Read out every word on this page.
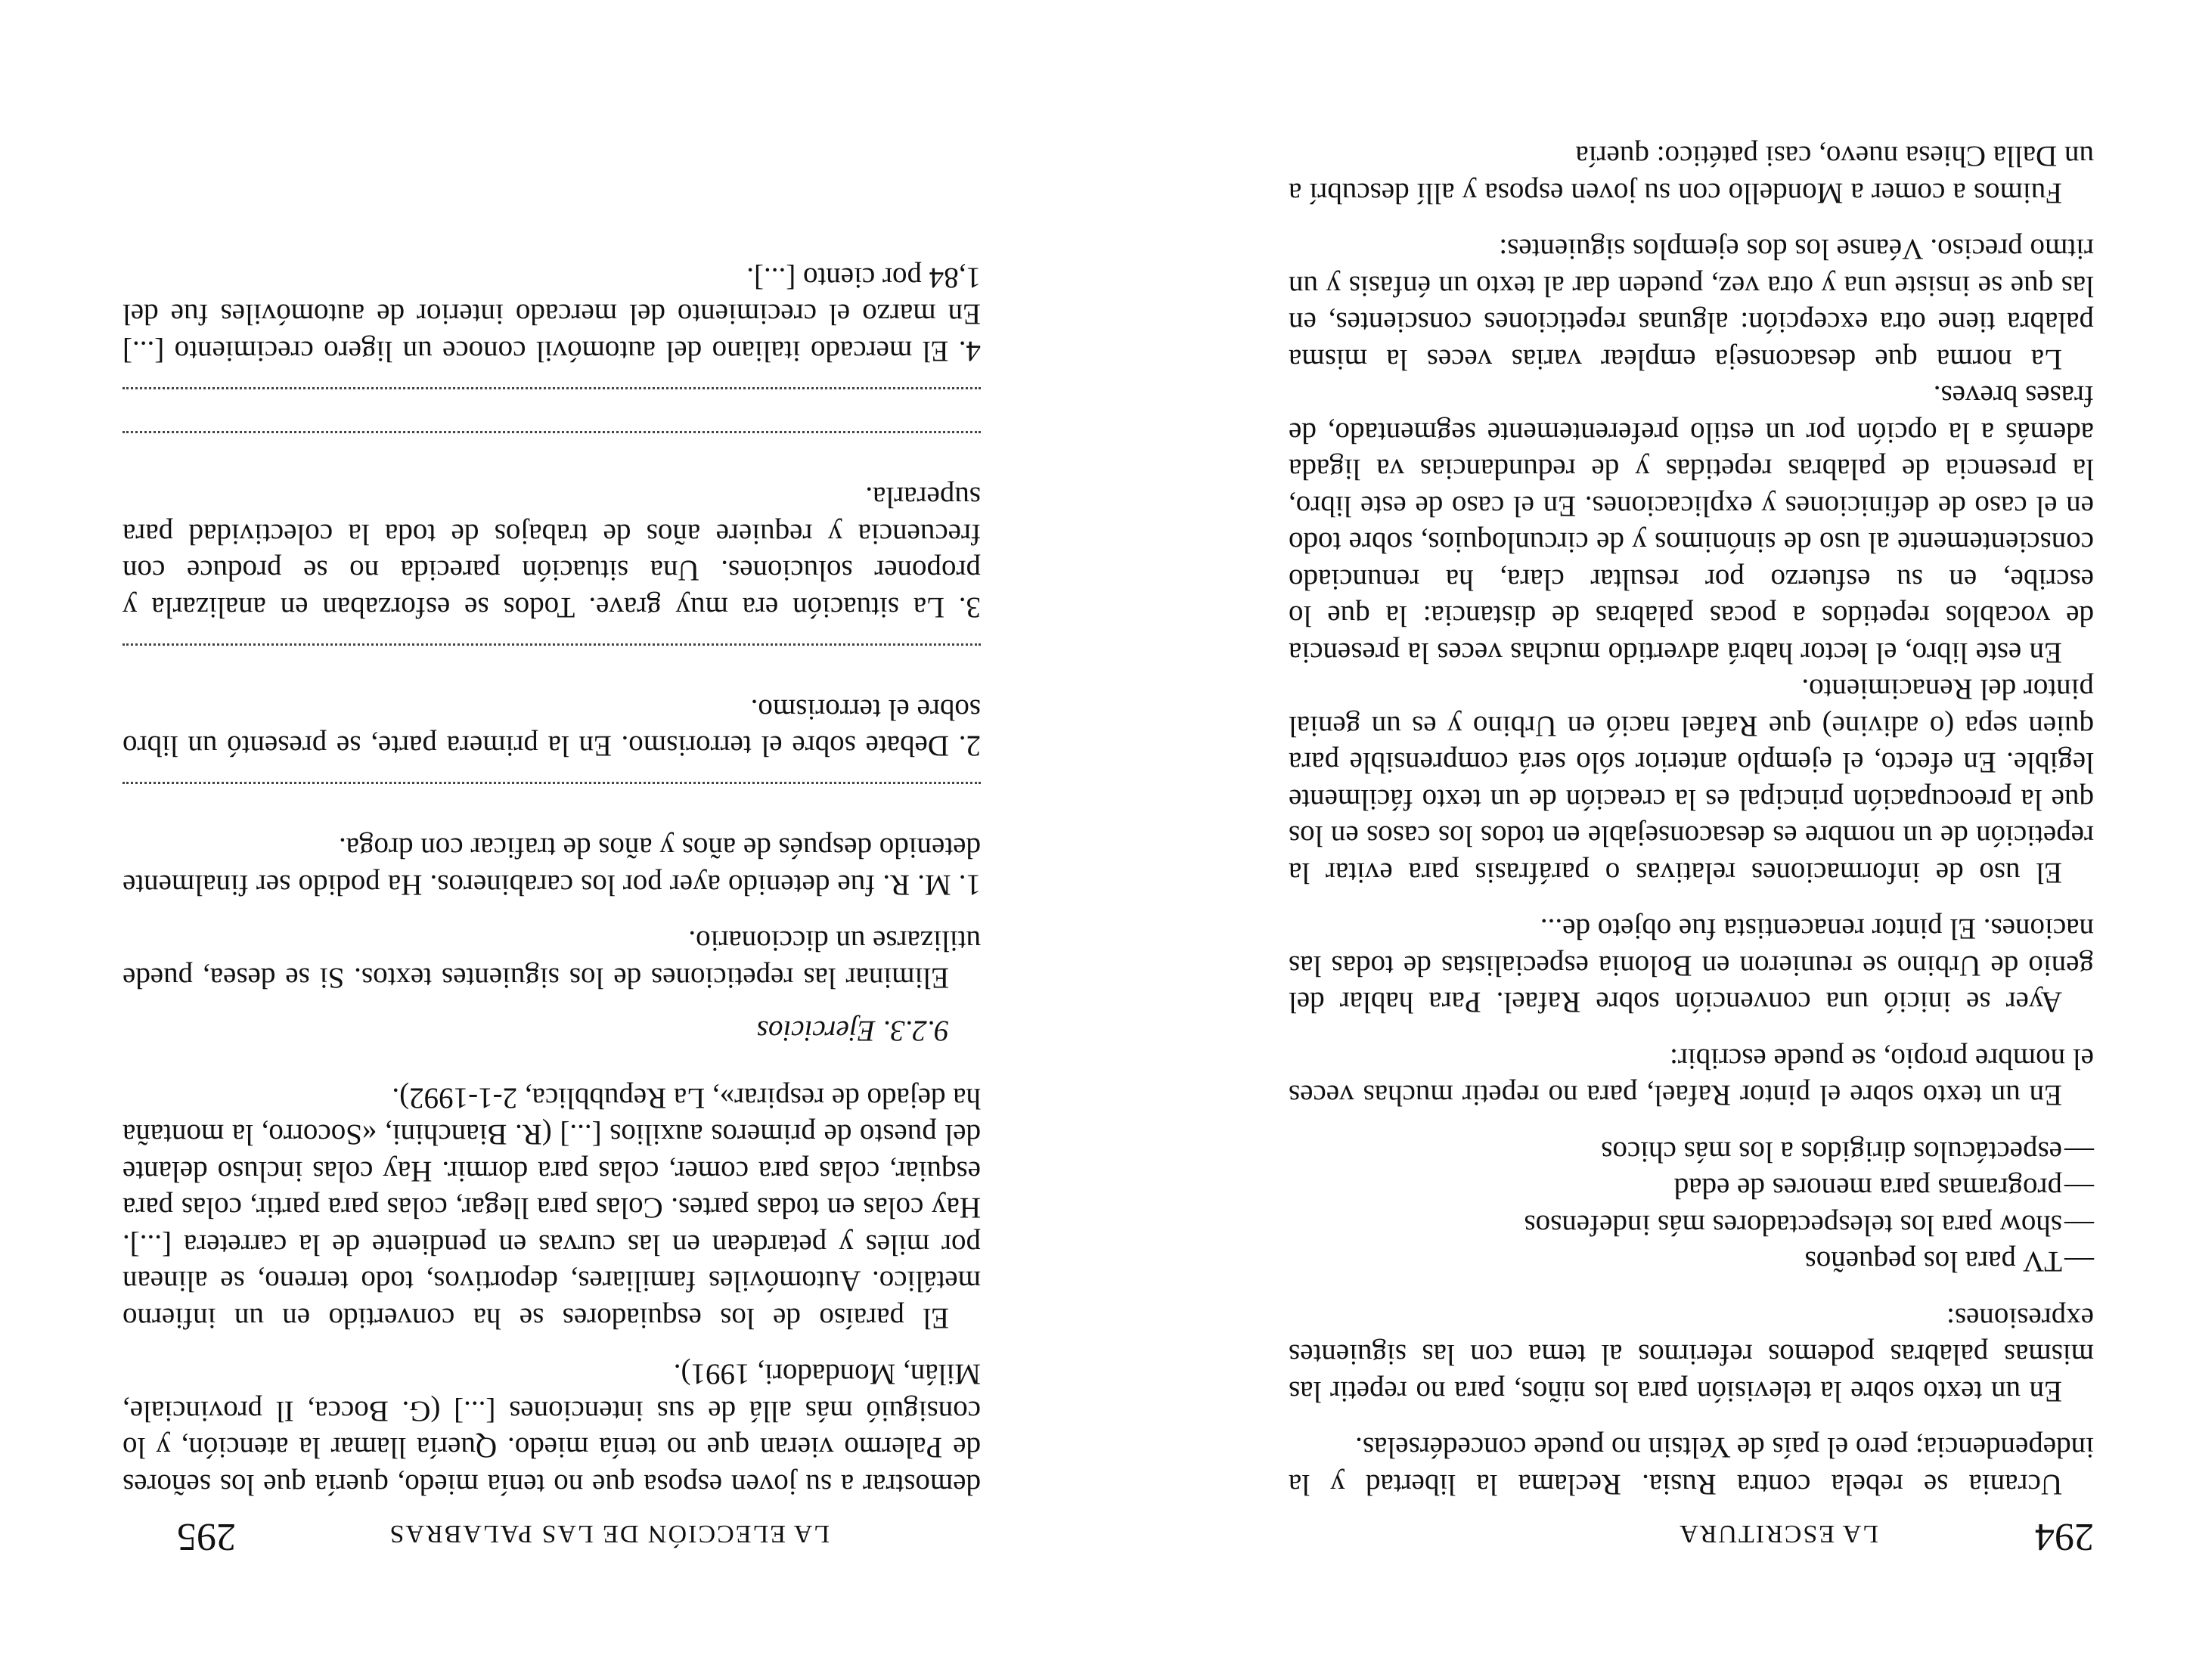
294
LA ESCRITURA

Ucrania se rebela contra Rusia. Reclama la libertad y la independencia; pero el país de Yeltsin no puede concedérselas.

En un texto sobre la televisión para los niños, para no repetir las mismas palabras podemos referirnos al tema con las siguientes expresiones:

—TV para los pequeños
—show para los telespectadores más indefensos
—programas para menores de edad
—espectáculos dirigidos a los más chicos

En un texto sobre el pintor Rafael, para no repetir muchas veces el nombre propio, se puede escribir:

Ayer se inició una convención sobre Rafael. Para hablar del genio de Urbino se reunieron en Bolonia especialistas de todas las naciones. El pintor renacentista fue objeto de...

El uso de informaciones relativas o paráfrasis para evitar la repetición de un nombre es desaconsejable en todos los casos en los que la preocupación principal es la creación de un texto fácilmente legible. En efecto, el ejemplo anterior sólo será comprensible para quien sepa (o adivine) que Rafael nació en Urbino y es un genial pintor del Renacimiento.

En este libro, el lector habrá advertido muchas veces la presencia de vocablos repetidos a pocas palabras de distancia: la que lo escribe, en su esfuerzo por resultar clara, ha renunciado conscientemente al uso de sinónimos y de circunloquios, sobre todo en el caso de definiciones y explicaciones. En el caso de este libro, la presencia de palabras repetidas y de redundancias va ligada además a la opción por un estilo preferentemente segmentado, de frases breves.

La norma que desaconseja emplear varias veces la misma palabra tiene otra excepción: algunas repeticiones conscientes, en las que se insiste una y otra vez, pueden dar al texto un énfasis y un ritmo preciso. Véanse los dos ejemplos siguientes:

Fuimos a comer a Mondello con su joven esposa y allí descubrí a un Dalla Chiesa nuevo, casi patético: quería

LA ELECCIÓN DE LAS PALABRAS
295

demostrar a su joven esposa que no tenía miedo, quería que los señores de Palermo vieran que no tenía miedo. Quería llamar la atención, y lo consiguió más allá de sus intenciones [...] (G. Bocca, Il provinciale, Milán, Mondadori, 1991).

El paraíso de los esquiadores se ha convertido en un infierno metálico. Automóviles familiares, deportivos, todo terreno, se alinean por miles y petardean en las curvas en pendiente de la carretera [...]. Hay colas en todas partes. Colas para llegar, colas para partir, colas para esquiar, colas para comer, colas para dormir. Hay colas incluso delante del puesto de primeros auxilios [...] (R. Bianchini, «Socorro, la montaña ha dejado de respirar», La Repubblica, 2-1-1992).

9.2.3. Ejercicios

Eliminar las repeticiones de los siguientes textos. Si se desea, puede utilizarse un diccionario.

1. M. R. fue detenido ayer por los carabineros. Ha podido ser finalmente detenido después de años y años de traficar con droga.

2. Debate sobre el terrorismo. En la primera parte, se presentó un libro sobre el terrorismo.

3. La situación era muy grave. Todos se esforzaban en analizarla y proponer soluciones. Una situación parecida no se produce con frecuencia y requiere años de trabajos de toda la colectividad para superarla.

4. El mercado italiano del automóvil conoce un ligero crecimiento [...] En marzo el crecimiento del mercado interior de automóviles fue del 1,84 por ciento [...].
